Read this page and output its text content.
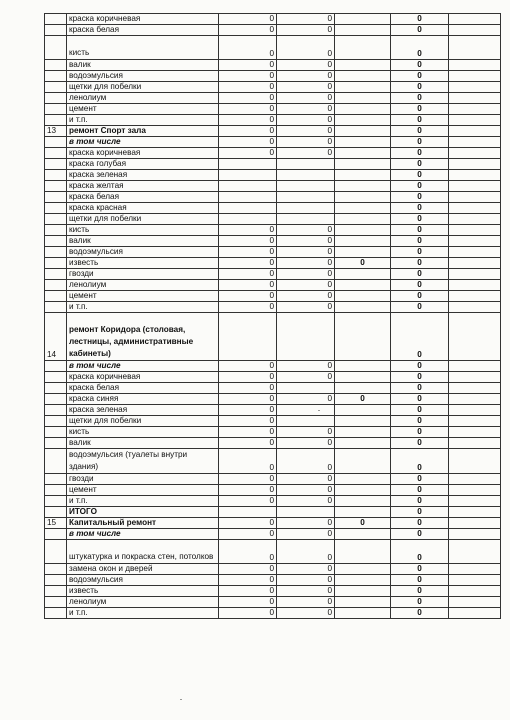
	краска коричневая	0	0		0	
	краска белая	0	0		0	
	кисть	0	0		0	
	валик	0	0		0	
	водоэмульсия	0	0		0	
	щетки для побелки	0	0		0	
	ленолиум	0	0		0	
	цемент	0	0		0	
	и т.п.	0	0		0	
13	ремонт Спорт зала	0	0		0	
	в том числе	0	0		0	
	краска коричневая	0	0		0	
	краска голубая				0	
	краска зеленая				0	
	краска желтая				0	
	краска белая				0	
	краска красная				0	
	щетки для побелки				0	
	кисть	0	0		0	
	валик	0	0		0	
	водоэмульсия	0	0		0	
	известь	0	0	0	0	
	гвозди	0	0		0	
	ленолиум	0	0		0	
	цемент	0	0		0	
	и т.п.	0	0		0	
14	ремонт Коридора (столовая, лестницы, административные кабинеты)				0	
	в том числе	0	0		0	
	краска коричневая	0	0		0	
	краска белая	0			0	
	краска синяя	0	0	0	0	
	краска зеленая	0			0	
	щетки для побелки	0			0	
	кисть	0	0		0	
	валик	0	0		0	
	водоэмульсия (туалеты внутри здания)	0	0		0	
	гвозди	0	0		0	
	цемент	0	0		0	
	и т.п.	0	0		0	
	ИТОГО				0	
15	Капитальный ремонт	0	0	0	0	
	в том числе	0	0		0	
	штукатурка и покраска стен, потолков	0	0		0	
	замена окон и дверей	0	0		0	
	водоэмульсия	0	0		0	
	известь	0	0		0	
	ленолиум	0	0		0	
	и т.п.	0	0		0	
